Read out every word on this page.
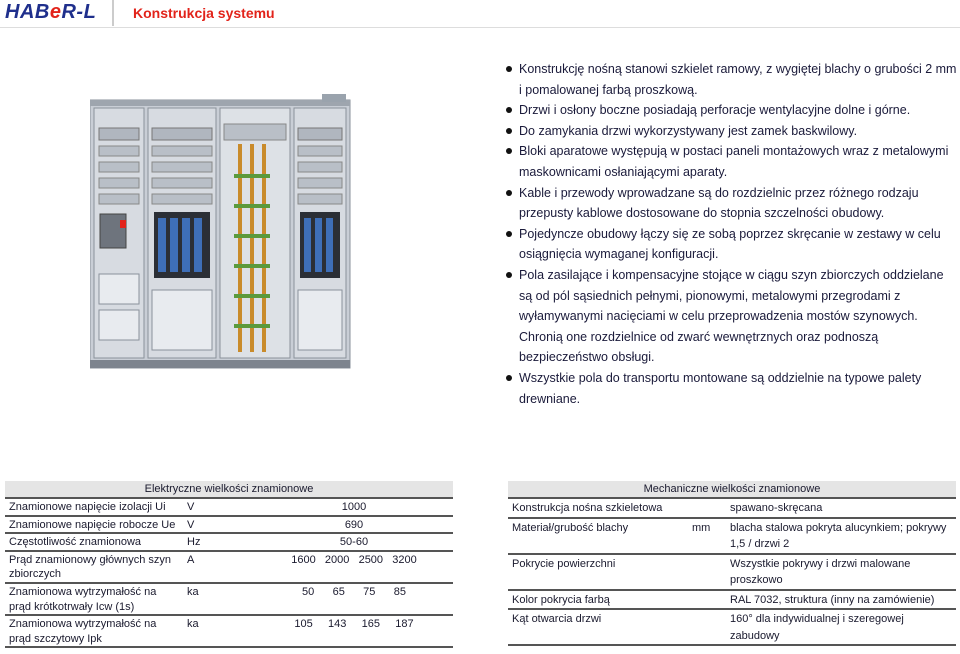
HABeR-L	Konstrukcja systemu
Konstrukcję nośną stanowi szkielet ramowy, z wygiętej blachy o grubości 2 mm i pomalowanej farbą proszkową.
Drzwi i osłony boczne posiadają perforacje wentylacyjne dolne i górne.
Do zamykania drzwi wykorzystywany jest zamek baskwilowy.
Bloki aparatowe występują w postaci paneli montażowych wraz z metalowymi maskownicami osłaniającymi aparaty.
Kable i przewody wprowadzane są do rozdzielnic przez różnego rodzaju przepusty kablowe dostosowane do stopnia szczelności obudowy.
Pojedyncze obudowy łączy się ze sobą poprzez skręcanie w zestawy w celu osiągnięcia wymaganej konfiguracji.
Pola zasilające i kompensacyjne stojące w ciągu szyn zbiorczych oddzielane są od pól sąsiednich pełnymi, pionowymi, metalowymi przegrodami z wyłamywanymi nacięciami w celu przeprowadzenia mostów szynowych. Chronią one rozdzielnice od zwarć wewnętrznych oraz podnoszą bezpieczeństwo obsługi.
Wszystkie pola do transportu montowane są oddzielnie na typowe palety drewniane.
Elektryczne wielkości znamionowe		
Znamionowe napięcie izolacji Ui	V	1000
Znamionowe napięcie robocze Ue	V	690
Częstotliwość znamionowa	Hz	50-60
Prąd znamionowy głównych szyn zbiorczych	A	1600   2000   2500   3200
Znamionowa wytrzymałość na prąd krótkotrwały Icw (1s)	ka	50      65      75      85
Znamionowa wytrzymałość na prąd szczytowy Ipk	ka	105     143     165     187
Mechaniczne wielkości znamionowe		
Konstrukcja nośna szkieletowa		spawano-skręcana
Materiał/grubość blachy	mm	blacha stalowa pokryta alucynkiem; pokrywy 1,5 / drzwi 2
Pokrycie powierzchni		Wszystkie pokrywy i drzwi malowane proszkowo
Kolor pokrycia farbą		RAL 7032, struktura (inny na zamówienie)
Kąt otwarcia drzwi		160° dla indywidualnej i szeregowej zabudowy
